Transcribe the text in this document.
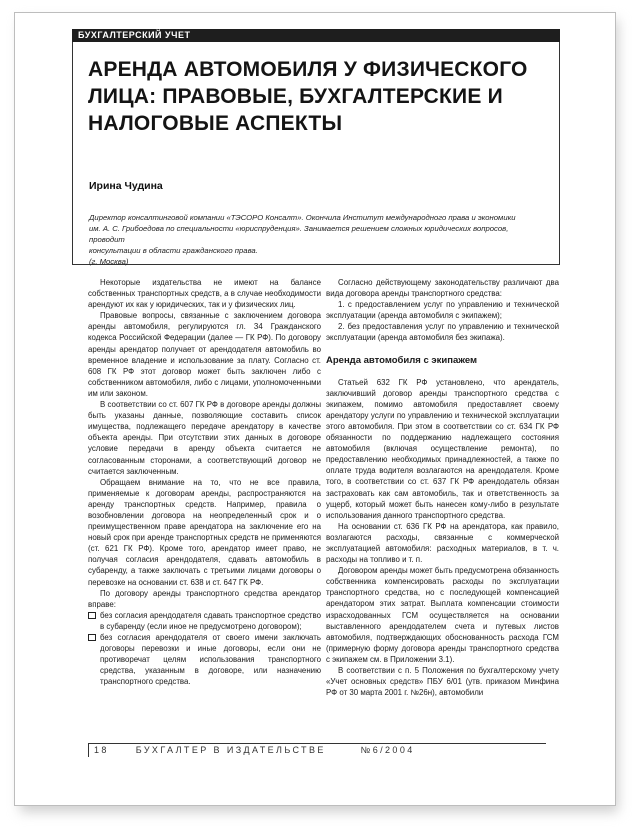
БУХГАЛТЕРСКИЙ УЧЕТ
АРЕНДА АВТОМОБИЛЯ У ФИЗИЧЕСКОГО ЛИЦА: ПРАВОВЫЕ, БУХГАЛТЕРСКИЕ И НАЛОГОВЫЕ АСПЕКТЫ

Ирина Чудина

Директор консалтинговой компании «ТЭСОРО Консалт». Окончила Институт международного права и экономики

им. А. С. Грибоедова по специальности «юриспруденция». Занимается решением сложных юридических вопросов, проводит

консультации в области гражданского права.

(г. Москва)

Некоторые издательства не имеют на балансе собственных транспортных средств, а в случае необходимости арендуют их как у юридических, так и у физических лиц.

Правовые вопросы, связанные с заключением договора аренды автомобиля, регулируются гл. 34 Гражданского кодекса Российской Федерации (далее — ГК РФ). По договору аренды арендатор получает от арендодателя автомобиль во временное владение и использование за плату. Согласно ст. 608 ГК РФ этот договор может быть заключен либо с собственником автомобиля, либо с лицами, уполномоченными им или законом.

В соответствии со ст. 607 ГК РФ в договоре аренды должны быть указаны данные, позволяющие составить список имущества, подлежащего передаче арендатору в качестве объекта аренды. При отсутствии этих данных в договоре условие передачи в аренду объекта считается не согласованным сторонами, а соответствующий договор не считается заключенным.

Обращаем внимание на то, что не все правила, применяемые к договорам аренды, распространяются на аренду транспортных средств. Например, правила о возобновлении договора на неопределенный срок и о преимущественном праве арендатора на заключение его на новый срок при аренде транспортных средств не применяются (ст. 621 ГК РФ). Кроме того, арендатор имеет право, не получая согласия арендодателя, сдавать автомобиль в субаренду, а также заключать с третьими лицами договоры о перевозке на основании ст. 638 и ст. 647 ГК РФ.

По договору аренды транспортного средства арендатор вправе:

без согласия арендодателя сдавать транспортное средство в субаренду (если иное не предусмотрено договором);

без согласия арендодателя от своего имени заключать договоры перевозки и иные договоры, если они не противоречат целям использования транспортного средства, указанным в договоре, или назначению транспортного средства.

Согласно действующему законодательству различают два вида договора аренды транспортного средства:

1. с предоставлением услуг по управлению и технической эксплуатации (аренда автомобиля с экипажем);

2. без предоставления услуг по управлению и технической эксплуатации (аренда автомобиля без экипажа).

Аренда автомобиля с экипажем

Статьей 632 ГК РФ установлено, что арендатель, заключивший договор аренды транспортного средства с экипажем, помимо автомобиля предоставляет своему арендатору услуги по управлению и технической эксплуатации этого автомобиля. При этом в соответствии со ст. 634 ГК РФ обязанности по поддержанию надлежащего состояния автомобиля (включая осуществление ремонта), по предоставлению необходимых принадлежностей, а также по оплате труда водителя возлагаются на арендодателя. Кроме того, в соответствии со ст. 637 ГК РФ арендодатель обязан застраховать как сам автомобиль, так и ответственность за ущерб, который может быть нанесен кому-либо в результате использования данного транспортного средства.

На основании ст. 636 ГК РФ на арендатора, как правило, возлагаются расходы, связанные с коммерческой эксплуатацией автомобиля: расходных материалов, в т. ч. расходы на топливо и т. п.

Договором аренды может быть предусмотрена обязанность собственника компенсировать расходы по эксплуатации транспортного средства, но с последующей компенсацией арендатором этих затрат. Выплата компенсации стоимости израсходованных ГСМ осуществляется на основании выставленного арендодателем счета и путевых листов автомобиля, подтверждающих обоснованность расхода ГСМ (примерную форму договора аренды транспортного средства с экипажем см. в Приложении 3.1).

В соответствии с п. 5 Положения по бухгалтерскому учету «Учет основных средств» ПБУ 6/01 (утв. приказом Минфина РФ от 30 марта 2001 г. №26н), автомобили

18	БУХГАЛТЕР В ИЗДАТЕЛЬСТВЕ	№6/2004
